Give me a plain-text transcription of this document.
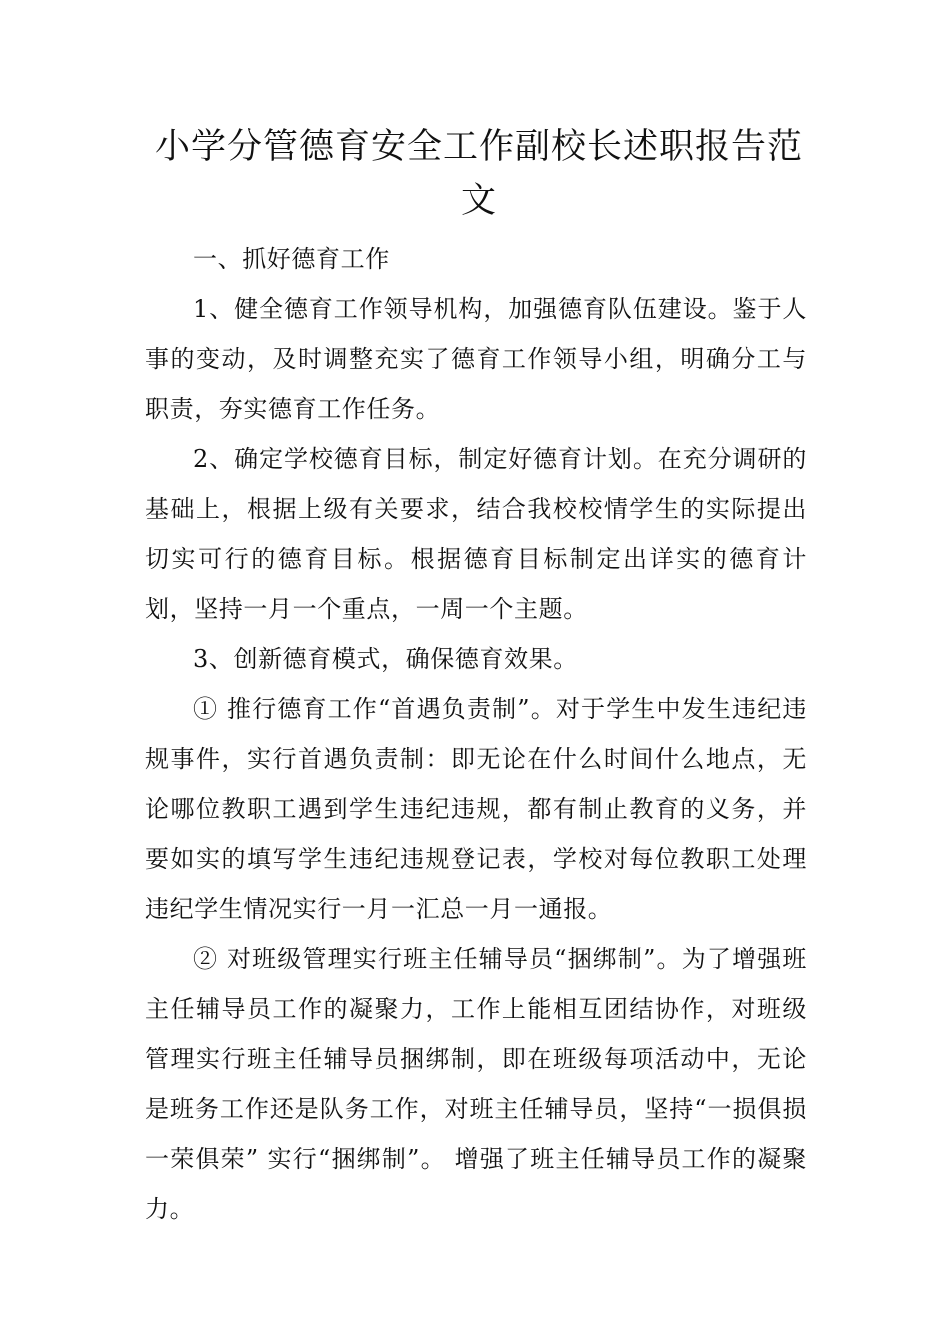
小学分管德育安全工作副校长述职报告范文

一、抓好德育工作

1、健全德育工作领导机构，加强德育队伍建设。鉴于人事的变动，及时调整充实了德育工作领导小组，明确分工与职责，夯实德育工作任务。

2、确定学校德育目标，制定好德育计划。在充分调研的基础上，根据上级有关要求，结合我校校情学生的实际提出切实可行的德育目标。根据德育目标制定出详实的德育计划，坚持一月一个重点，一周一个主题。

3、创新德育模式，确保德育效果。

① 推行德育工作“首遇负责制”。对于学生中发生违纪违规事件，实行首遇负责制：即无论在什么时间什么地点，无论哪位教职工遇到学生违纪违规，都有制止教育的义务，并要如实的填写学生违纪违规登记表，学校对每位教职工处理违纪学生情况实行一月一汇总一月一通报。

② 对班级管理实行班主任辅导员“捆绑制”。为了增强班主任辅导员工作的凝聚力，工作上能相互团结协作，对班级管理实行班主任辅导员捆绑制，即在班级每项活动中，无论是班务工作还是队务工作，对班主任辅导员，坚持“一损俱损一荣俱荣” 实行“捆绑制”。 增强了班主任辅导员工作的凝聚力。
